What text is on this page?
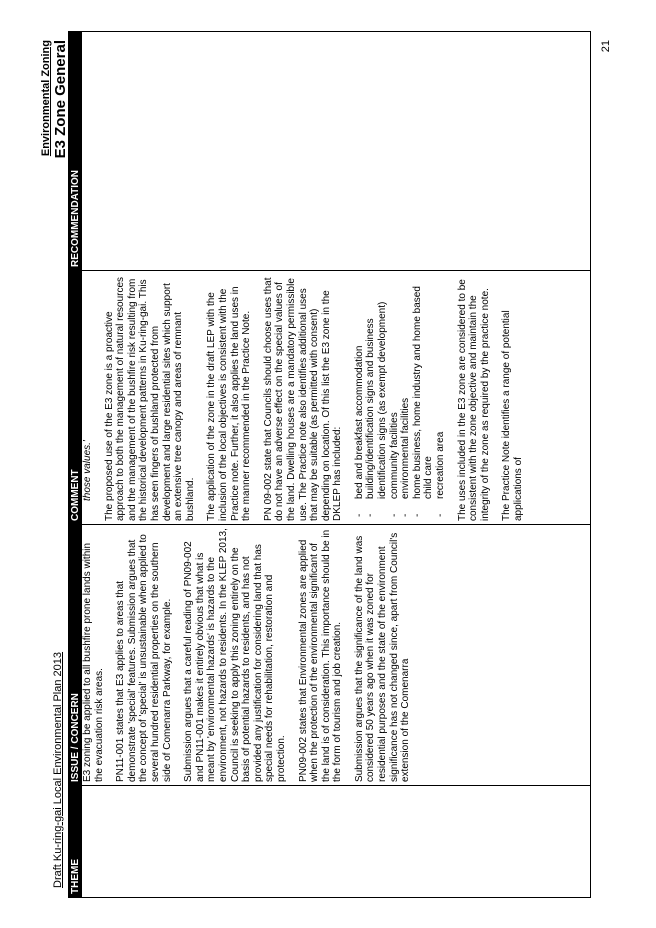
Draft Ku-ring-gai Local Environmental Plan 2013
Environmental Zoning E3 Zone General
THEME
ISSUE / CONCERN
COMMENT
RECOMMENDATION

E3 zoning be applied to all bushfire prone lands within the evacuation risk areas. PN11-001 states that E3 applies to areas that demonstrate 'special' features. Submission argues that the concept of 'special' is unsustainable when applied to several hundred residential properties on the southern side of Comenarra Parkway, for example. Submission argues that a careful reading of PN09-002 and PN11-001 makes it entirely obvious that what is meant by 'environmental hazards' is hazards to the environment, not hazards to residents. In the KLEP 2013, Council is seeking to apply this zoning entirely on the basis of potential hazards to residents, and has not provided any justification for considering land that has special needs for rehabilitation, restoration and protection. PN09-002 states that Environmental zones are applied when the protection of the environmental significant of the land is of consideration. This importance should be in the form of tourism and job creation. Submission argues that the significance of the land was considered 50 years ago when it was zoned for residential purposes and the state of the environment significance has not changed since, apart from Council's extension of the Comenarra

those values.' The proposed use of the E3 zone is a proactive approach to both the management of natural resources and the management of the bushfire risk resulting from the historical development patterns in Ku-ring-gai. This has seen fingers of bushland protected from development and large residential sites which support an extensive tree canopy and areas of remnant bushland. The application of the zone in the draft LEP with the inclusion of the local objectives is consistent with the Practice note. Further, it also applies the land uses in the manner recommended in the Practice Note. PN 09-002 state that Councils should choose uses that do not have an adverse effect on the special values of the land. Dwelling houses are a mandatory permissible use. The Practice note also identifies additional uses that may be suitable (as permitted with consent) depending on location. Of this list the E3 zone in the DKLEP has included: - bed and breakfast accommodation - building/identification signs and business identification signs (as exempt development) - community facilities - environmental facilities - home business, home industry and home based child care - recreation area The uses included in the E3 zone are considered to be consistent with the zone objective and maintain the integrity of the zone as required by the practice note. The Practice Note identifies a range of potential applications of

21
